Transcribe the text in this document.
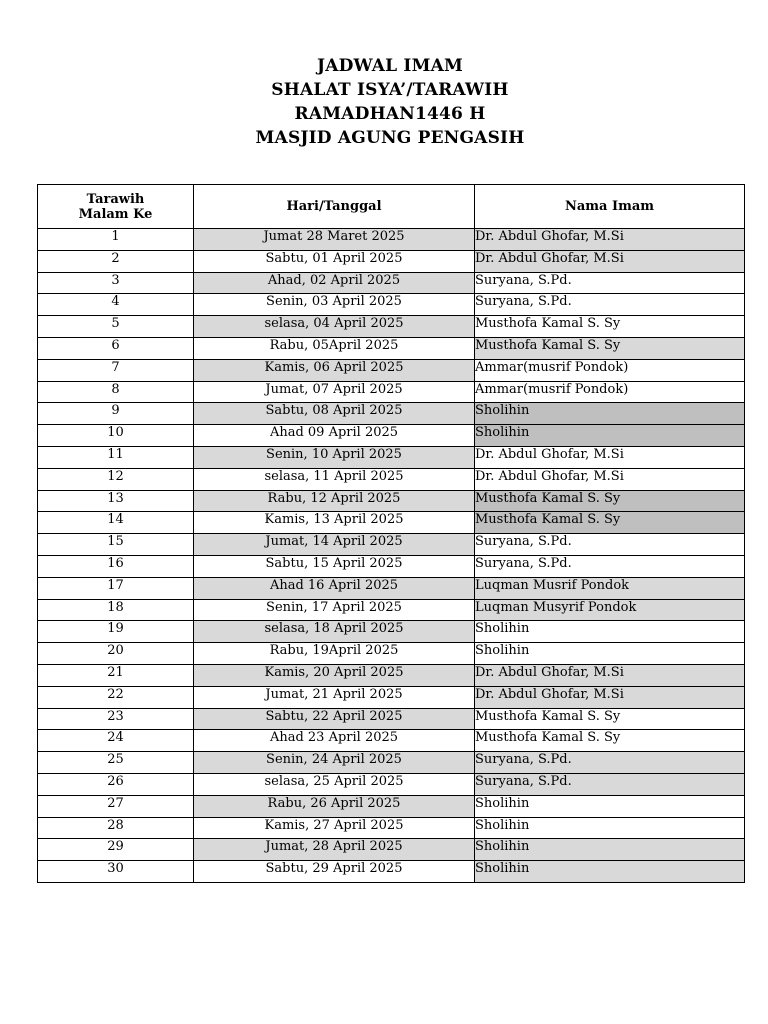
JADWAL IMAM
SHALAT ISYA’/TARAWIH
RAMADHAN1446 H
MASJID AGUNG PENGASIH
Tarawih
Malam Ke	Hari/Tanggal	Nama Imam
1	Jumat 28 Maret 2025	Dr. Abdul Ghofar, M.Si
2	Sabtu, 01 April 2025	Dr. Abdul Ghofar, M.Si
3	Ahad, 02 April 2025	Suryana, S.Pd.
4	Senin, 03 April 2025	Suryana, S.Pd.
5	selasa, 04 April 2025	Musthofa Kamal S. Sy
6	Rabu, 05April 2025	Musthofa Kamal S. Sy
7	Kamis, 06 April 2025	Ammar(musrif Pondok)
8	Jumat, 07 April 2025	Ammar(musrif Pondok)
9	Sabtu, 08 April 2025	Sholihin
10	Ahad 09 April 2025	Sholihin
11	Senin, 10 April 2025	Dr. Abdul Ghofar, M.Si
12	selasa, 11 April 2025	Dr. Abdul Ghofar, M.Si
13	Rabu, 12 April 2025	Musthofa Kamal S. Sy
14	Kamis, 13 April 2025	Musthofa Kamal S. Sy
15	Jumat, 14 April 2025	Suryana, S.Pd.
16	Sabtu, 15 April 2025	Suryana, S.Pd.
17	Ahad 16 April 2025	Luqman Musrif Pondok
18	Senin, 17 April 2025	Luqman Musyrif Pondok
19	selasa, 18 April 2025	Sholihin
20	Rabu, 19April 2025	Sholihin
21	Kamis, 20 April 2025	Dr. Abdul Ghofar, M.Si
22	Jumat, 21 April 2025	Dr. Abdul Ghofar, M.Si
23	Sabtu, 22 April 2025	Musthofa Kamal S. Sy
24	Ahad 23 April 2025	Musthofa Kamal S. Sy
25	Senin, 24 April 2025	Suryana, S.Pd.
26	selasa, 25 April 2025	Suryana, S.Pd.
27	Rabu, 26 April 2025	Sholihin
28	Kamis, 27 April 2025	Sholihin
29	Jumat, 28 April 2025	Sholihin
30	Sabtu, 29 April 2025	Sholihin
